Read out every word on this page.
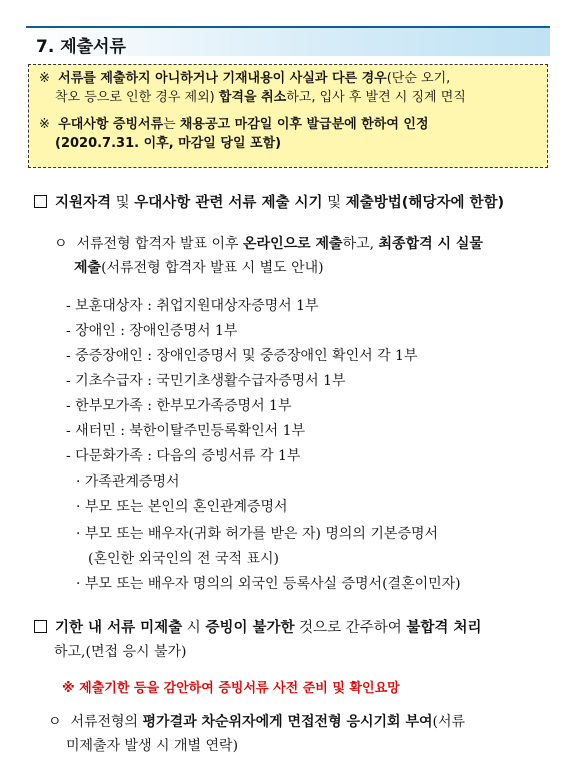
7. 제출서류
※ 서류를 제출하지 아니하거나 기재내용이 사실과 다른 경우(단순 오기,
착오 등으로 인한 경우 제외) 합격을 취소하고, 입사 후 발견 시 징계 면직
※ 우대사항 증빙서류는 채용공고 마감일 이후 발급분에 한하여 인정
(2020.7.31. 이후, 마감일 당일 포함)
지원자격 및 우대사항 관련 서류 제출 시기 및 제출방법(해당자에 한함)
ㅇ 서류전형 합격자 발표 이후 온라인으로 제출하고, 최종합격 시 실물
제출(서류전형 합격자 발표 시 별도 안내)
- 보훈대상자 : 취업지원대상자증명서 1부
- 장애인 : 장애인증명서 1부
- 중증장애인 : 장애인증명서 및 중증장애인 확인서 각 1부
- 기초수급자 : 국민기초생활수급자증명서 1부
- 한부모가족 : 한부모가족증명서 1부
- 새터민 : 북한이탈주민등록확인서 1부
- 다문화가족 : 다음의 증빙서류 각 1부
· 가족관계증명서
· 부모 또는 본인의 혼인관계증명서
· 부모 또는 배우자(귀화 허가를 받은 자) 명의의 기본증명서
(혼인한 외국인의 전 국적 표시)
· 부모 또는 배우자 명의의 외국인 등록사실 증명서(결혼이민자)
기한 내 서류 미제출 시 증빙이 불가한 것으로 간주하여 불합격 처리
하고,(면접 응시 불가)
※ 제출기한 등을 감안하여 증빙서류 사전 준비 및 확인요망
ㅇ 서류전형의 평가결과 차순위자에게 면접전형 응시기회 부여(서류
미제출자 발생 시 개별 연락)
